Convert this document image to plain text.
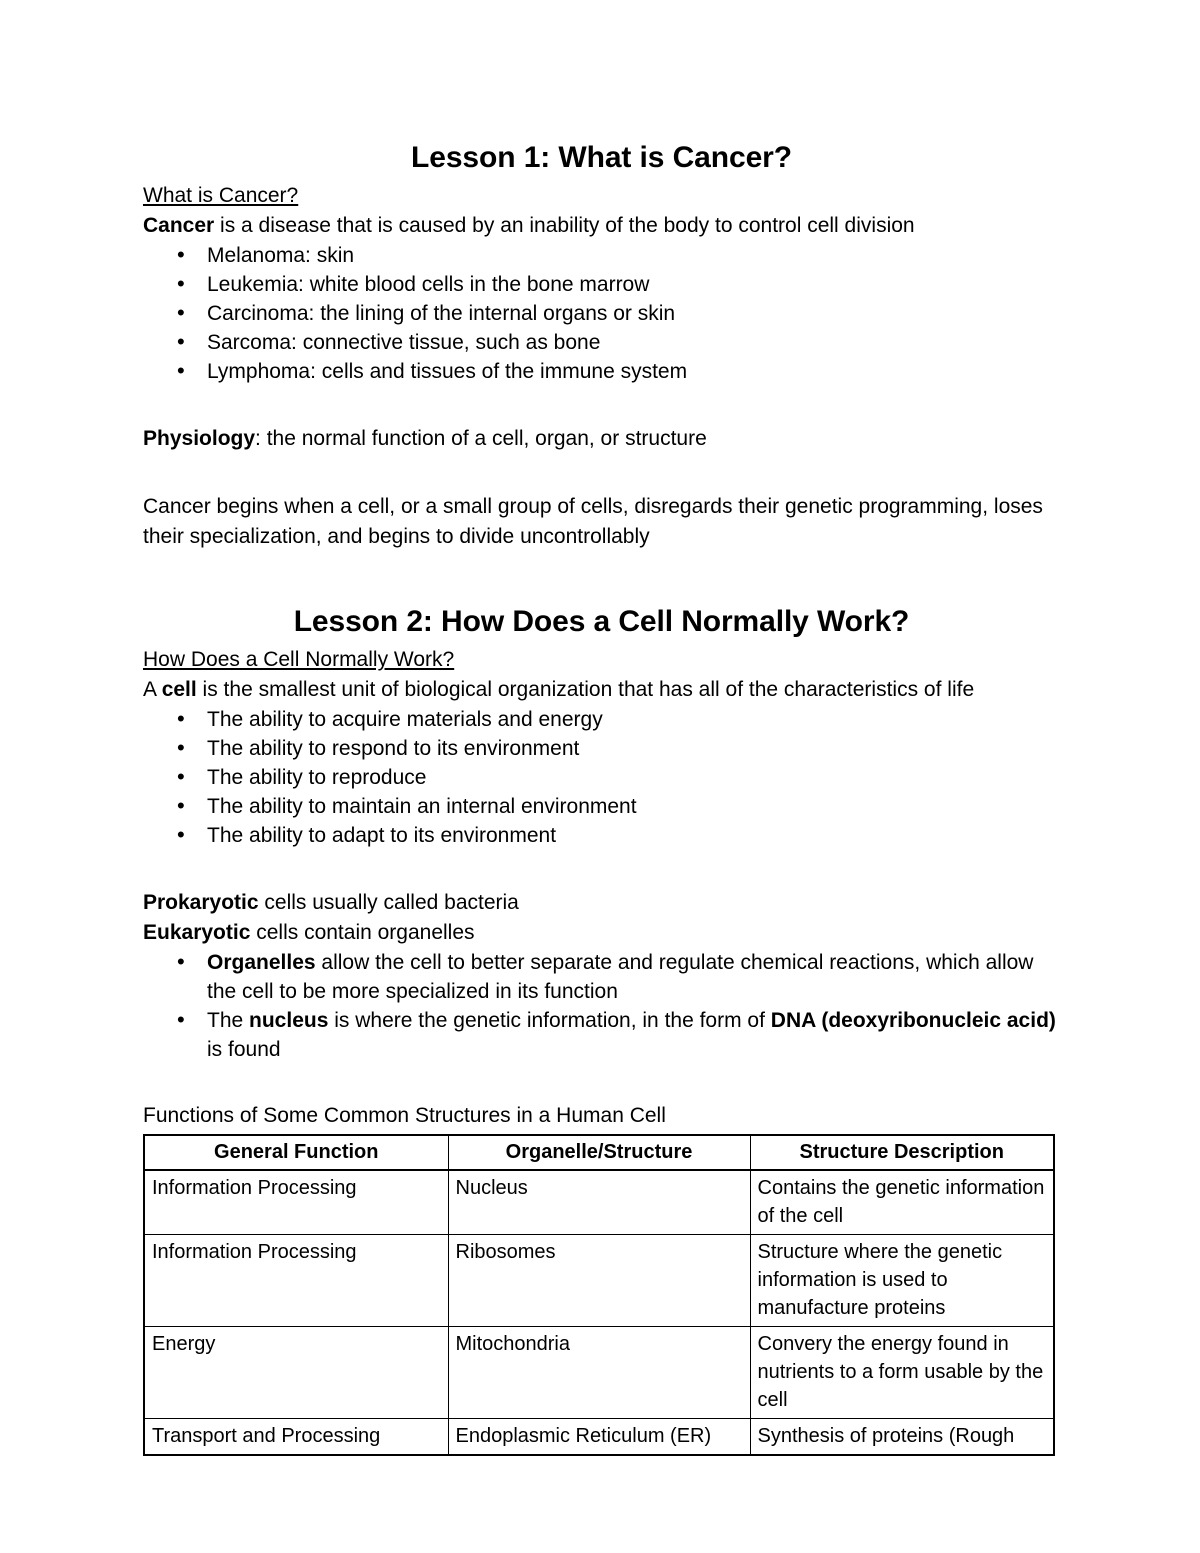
Lesson 1: What is Cancer?
What is Cancer?

Cancer is a disease that is caused by an inability of the body to control cell division

• Melanoma: skin
• Leukemia: white blood cells in the bone marrow
• Carcinoma: the lining of the internal organs or skin
• Sarcoma: connective tissue, such as bone
• Lymphoma: cells and tissues of the immune system

Physiology: the normal function of a cell, organ, or structure

Cancer begins when a cell, or a small group of cells, disregards their genetic programming, loses their specialization, and begins to divide uncontrollably

Lesson 2: How Does a Cell Normally Work?
How Does a Cell Normally Work?

A cell is the smallest unit of biological organization that has all of the characteristics of life

• The ability to acquire materials and energy
• The ability to respond to its environment
• The ability to reproduce
• The ability to maintain an internal environment
• The ability to adapt to its environment

Prokaryotic cells usually called bacteria

Eukaryotic cells contain organelles

• Organelles allow the cell to better separate and regulate chemical reactions, which allow the cell to be more specialized in its function
• The nucleus is where the genetic information, in the form of DNA (deoxyribonucleic acid) is found
Functions of Some Common Structures in a Human Cell
General Function	Organelle/Structure	Structure Description
Information Processing	Nucleus	Contains the genetic information of the cell
Information Processing	Ribosomes	Structure where the genetic information is used to manufacture proteins
Energy	Mitochondria	Convery the energy found in nutrients to a form usable by the cell
Transport and Processing	Endoplasmic Reticulum (ER)	Synthesis of proteins (Rough
